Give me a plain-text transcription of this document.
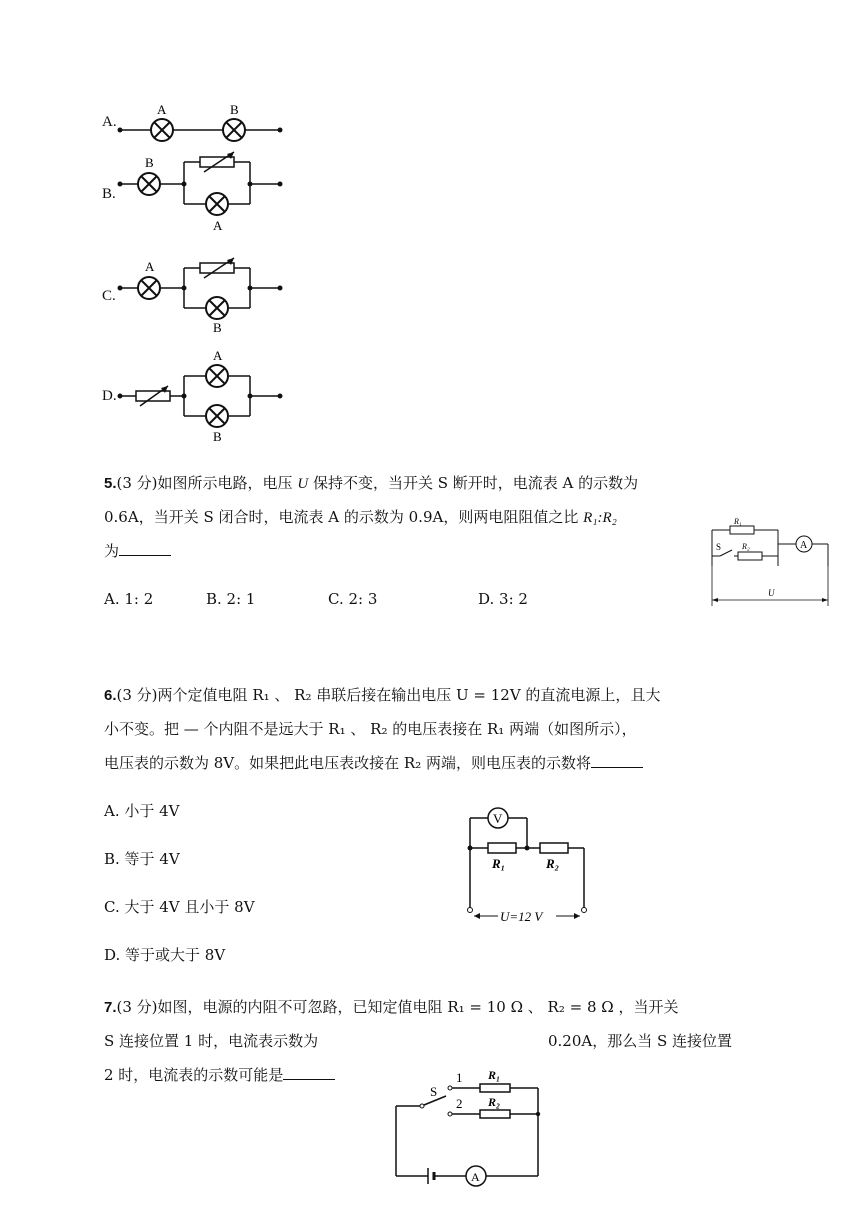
A.
A	B
B.
B
A
C.
A
B
D.
A
B
5.(3 分)如图所示电路，电压 U 保持不变，当开关 S 断开时，电流表 A 的示数为
0.6A，当开关 S 闭合时，电流表 A 的示数为 0.9A，则两电阻阻值之比 R₁:R₂
为
A. 1: 2	B. 2: 1	C. 2: 3	D. 3: 2
A
R₁
R₂
S
U
6.(3 分)两个定值电阻 R₁ 、 R₂ 串联后接在输出电压 U = 12V 的直流电源上，且大
小不变。把 — 个内阻不是远大于 R₁ 、 R₂ 的电压表接在 R₁ 两端（如图所示），
电压表的示数为 8V。如果把此电压表改接在 R₂ 两端，则电压表的示数将
A. 小于 4V
B. 等于 4V
C. 大于 4V 且小于 8V
D. 等于或大于 8V
V
R₁	R₂
U=12 V
7.(3 分)如图，电源的内阻不可忽路，已知定值电阻 R₁ = 10 Ω 、 R₂ = 8 Ω ，当开关
S 连接位置 1 时，电流表示数为	0.20A，那么当 S 连接位置
2 时，电流表的示数可能是
A
S
1
2
R₁
R₂
